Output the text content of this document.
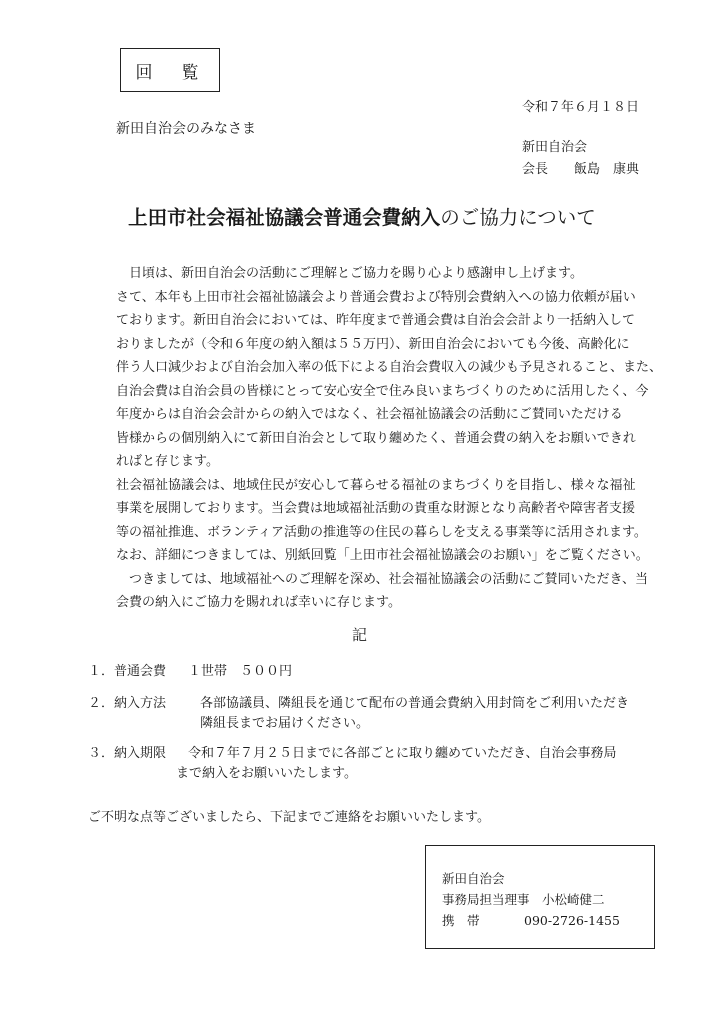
回　覧
令和７年６月１８日
新田自治会のみなさま
新田自治会
会長　　飯島　康典
上田市社会福祉協議会普通会費納入のご協力について
日頃は、新田自治会の活動にご理解とご協力を賜り心より感謝申し上げます。
さて、本年も上田市社会福祉協議会より普通会費および特別会費納入への協力依頼が届い
ております。新田自治会においては、昨年度まで普通会費は自治会会計より一括納入して
おりましたが（令和６年度の納入額は５５万円）、新田自治会においても今後、高齢化に
伴う人口減少および自治会加入率の低下による自治会費収入の減少も予見されること、また、
自治会費は自治会員の皆様にとって安心安全で住み良いまちづくりのために活用したく、今
年度からは自治会会計からの納入ではなく、社会福祉協議会の活動にご賛同いただける
皆様からの個別納入にて新田自治会として取り纏めたく、普通会費の納入をお願いできれ
ればと存じます。
社会福祉協議会は、地域住民が安心して暮らせる福祉のまちづくりを目指し、様々な福祉
事業を展開しております。当会費は地域福祉活動の貴重な財源となり高齢者や障害者支援
等の福祉推進、ボランティア活動の推進等の住民の暮らしを支える事業等に活用されます。
なお、詳細につきましては、別紙回覧「上田市社会福祉協議会のお願い」をご覧ください。
つきましては、地域福祉へのご理解を深め、社会福祉協議会の活動にご賛同いただき、当
会費の納入にご協力を賜れれば幸いに存じます。
記
１．普通会費	１世帯　５００円
２．納入方法	各部協議員、隣組長を通じて配布の普通会費納入用封筒をご利用いただき
隣組長までお届けください。
３．納入期限	令和７年７月２５日までに各部ごとに取り纏めていただき、自治会事務局
まで納入をお願いいたします。
ご不明な点等ございましたら、下記までご連絡をお願いいたします。
新田自治会
事務局担当理事　小松崎健二
携　帯	090-2726-1455
